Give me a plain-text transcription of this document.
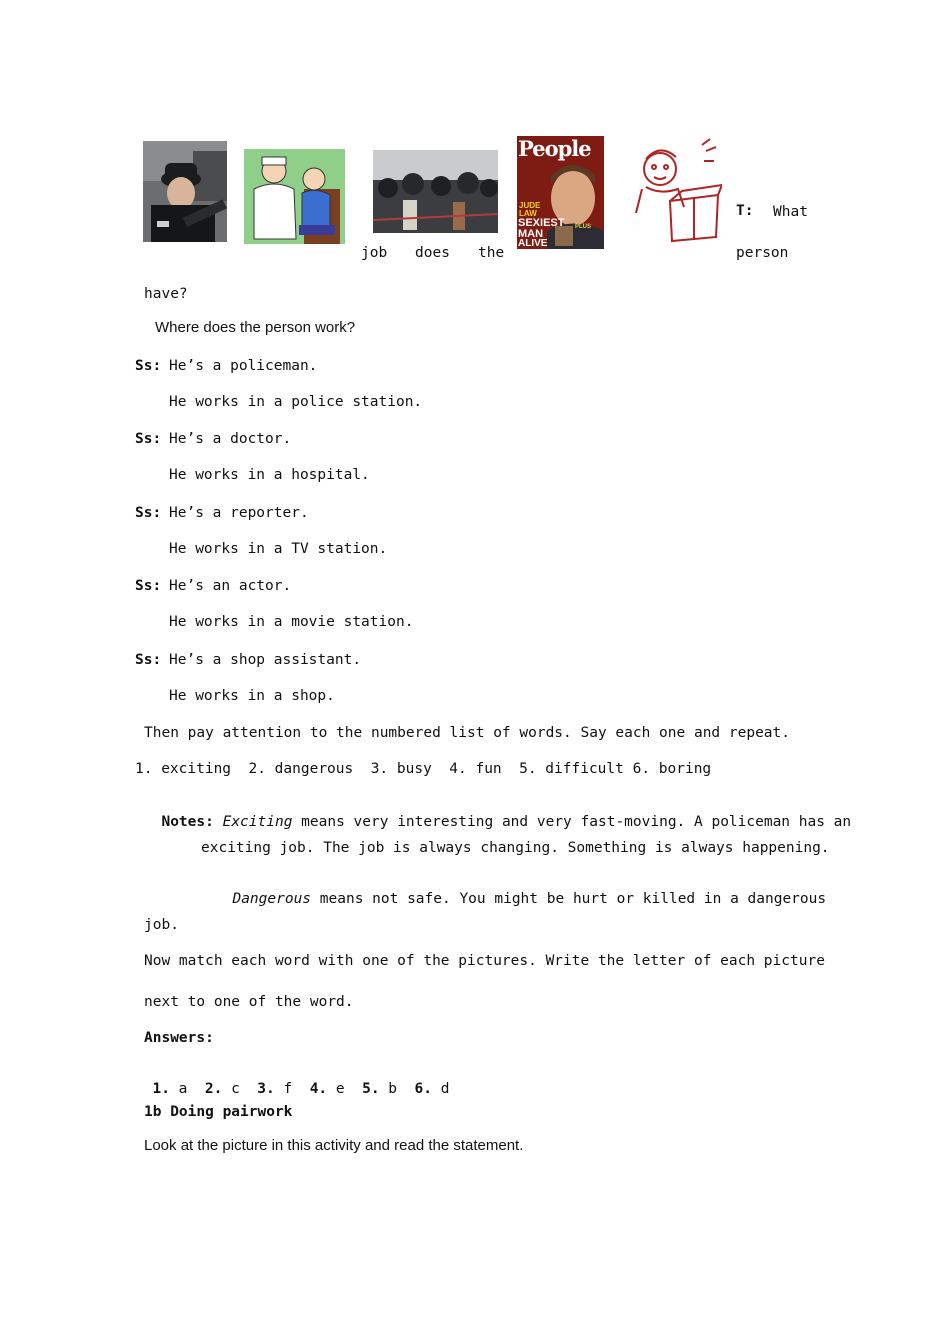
People
JUDE
LAW
SEXIEST
MAN
ALIVE
PLUS
T: What
job does the	person
have?
Where does the person work?
Ss: He’s a policeman.
He works in a police station.
Ss: He’s a doctor.
He works in a hospital.
Ss: He’s a reporter.
He works in a TV station.
Ss: He’s an actor.
He works in a movie station.
Ss: He’s a shop assistant.
He works in a shop.
Then pay attention to the numbered list of words. Say each one and repeat.
1. exciting  2. dangerous  3. busy  4. fun  5. difficult 6. boring

Notes: Exciting means very interesting and very fast-moving. A policeman has an

exciting job. The job is always changing. Something is always happening.

Dangerous means not safe. You might be hurt or killed in a dangerous

job.
Now match each word with one of the pictures. Write the letter of each picture
next to one of the word.
Answers:

1. a 2. c 3. f 4. e 5. b 6. d

1b Doing pairwork
Look at the picture in this activity and read the statement.
